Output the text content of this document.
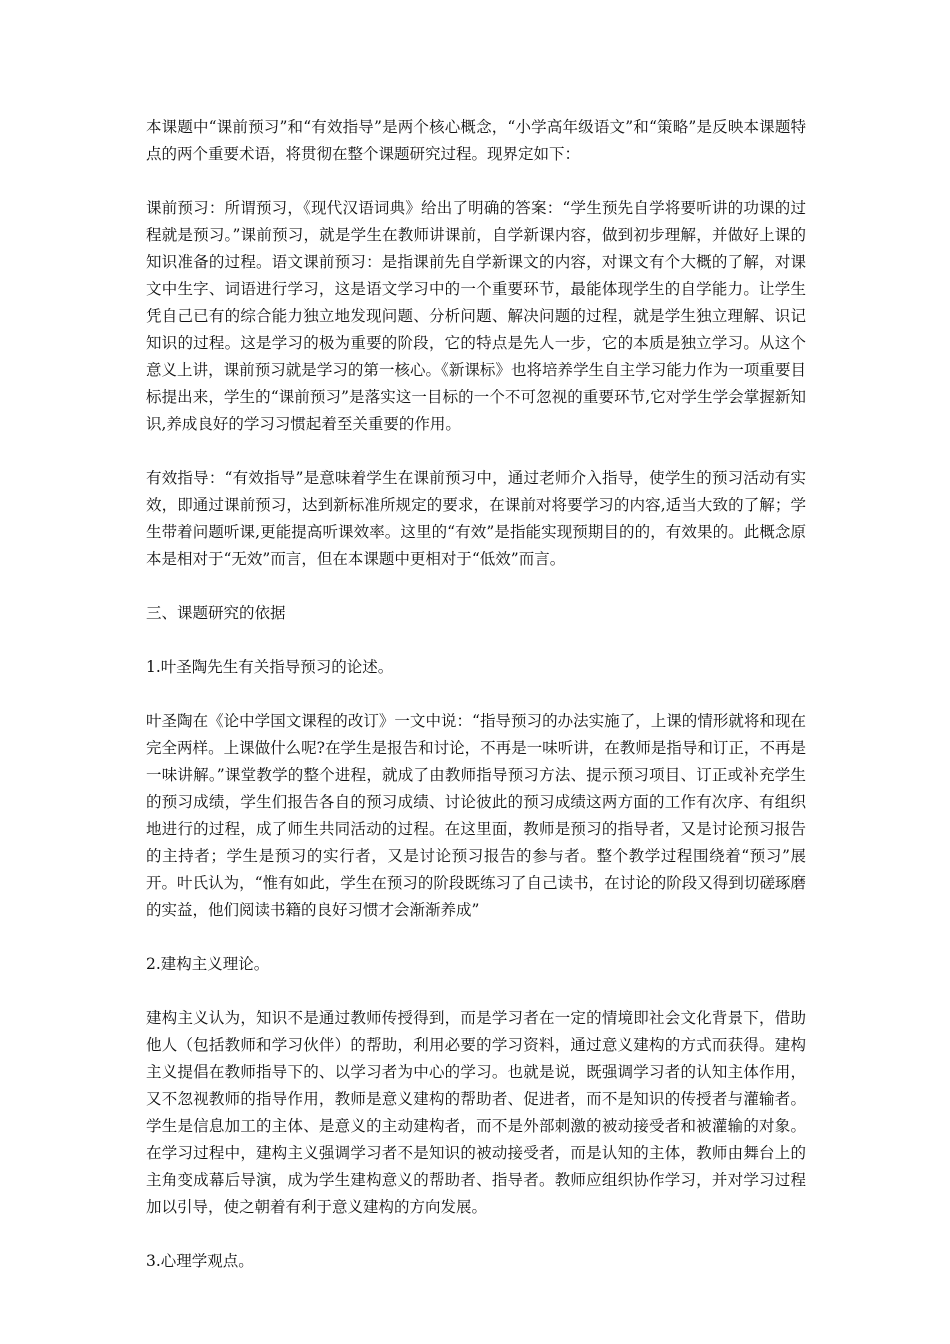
本课题中“课前预习”和“有效指导”是两个核心概念，“小学高年级语文”和“策略”是反映本课题特点的两个重要术语，将贯彻在整个课题研究过程。现界定如下：

课前预习：所谓预习，《现代汉语词典》给出了明确的答案：“学生预先自学将要听讲的功课的过程就是预习。”课前预习，就是学生在教师讲课前，自学新课内容，做到初步理解，并做好上课的知识准备的过程。语文课前预习：是指课前先自学新课文的内容，对课文有个大概的了解，对课文中生字、词语进行学习，这是语文学习中的一个重要环节，最能体现学生的自学能力。让学生凭自己已有的综合能力独立地发现问题、分析问题、解决问题的过程，就是学生独立理解、识记知识的过程。这是学习的极为重要的阶段，它的特点是先人一步，它的本质是独立学习。从这个意义上讲，课前预习就是学习的第一核心。《新课标》也将培养学生自主学习能力作为一项重要目标提出来，学生的“课前预习”是落实这一目标的一个不可忽视的重要环节,它对学生学会掌握新知识,养成良好的学习习惯起着至关重要的作用。

有效指导：“有效指导”是意味着学生在课前预习中，通过老师介入指导，使学生的预习活动有实效，即通过课前预习，达到新标准所规定的要求，在课前对将要学习的内容,适当大致的了解；学生带着问题听课,更能提高听课效率。这里的“有效”是指能实现预期目的的，有效果的。此概念原本是相对于“无效”而言，但在本课题中更相对于“低效”而言。

三、课题研究的依据

1.叶圣陶先生有关指导预习的论述。

叶圣陶在《论中学国文课程的改订》一文中说：“指导预习的办法实施了，上课的情形就将和现在完全两样。上课做什么呢?在学生是报告和讨论，不再是一味听讲，在教师是指导和订正，不再是一味讲解。”课堂教学的整个进程，就成了由教师指导预习方法、提示预习项目、订正或补充学生的预习成绩，学生们报告各自的预习成绩、讨论彼此的预习成绩这两方面的工作有次序、有组织地进行的过程，成了师生共同活动的过程。在这里面，教师是预习的指导者，又是讨论预习报告的主持者；学生是预习的实行者，又是讨论预习报告的参与者。整个教学过程围绕着“预习”展开。叶氏认为，“惟有如此，学生在预习的阶段既练习了自己读书，在讨论的阶段又得到切磋琢磨的实益，他们阅读书籍的良好习惯才会渐渐养成”

2.建构主义理论。

建构主义认为，知识不是通过教师传授得到，而是学习者在一定的情境即社会文化背景下，借助他人（包括教师和学习伙伴）的帮助，利用必要的学习资料，通过意义建构的方式而获得。建构主义提倡在教师指导下的、以学习者为中心的学习。也就是说，既强调学习者的认知主体作用，又不忽视教师的指导作用，教师是意义建构的帮助者、促进者，而不是知识的传授者与灌输者。学生是信息加工的主体、是意义的主动建构者，而不是外部刺激的被动接受者和被灌输的对象。在学习过程中，建构主义强调学习者不是知识的被动接受者，而是认知的主体，教师由舞台上的主角变成幕后导演，成为学生建构意义的帮助者、指导者。教师应组织协作学习，并对学习过程加以引导，使之朝着有利于意义建构的方向发展。

3.心理学观点。
